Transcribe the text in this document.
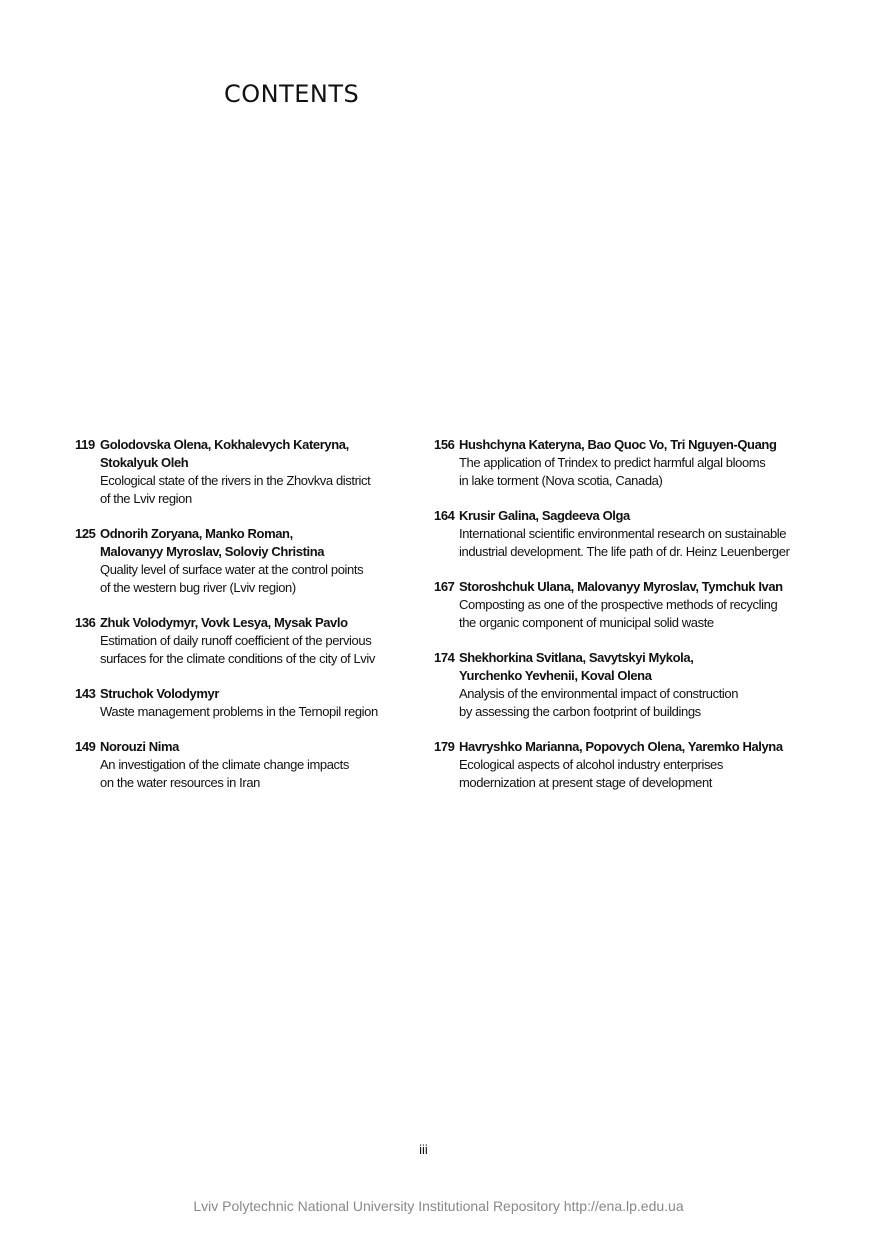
CONTENTS
119 Golodovska Olena, Kokhalevych Kateryna,
Stokalyuk Oleh
Ecological state of the rivers in the Zhovkva district
of the Lviv region
125 Odnorih Zoryana, Manko Roman,
Malovanyy Myroslav, Soloviy Christina
Quality level of surface water at the control points
of the western bug river (Lviv region)
136 Zhuk Volodymyr, Vovk Lesya, Mysak Pavlo
Estimation of daily runoff coefficient of the pervious
surfaces for the climate conditions of the city of Lviv
143 Struchok Volodymyr
Waste management problems in the Ternopil region
149 Norouzi Nima
An investigation of the climate change impacts
on the water resources in Iran
156 Hushchyna Kateryna, Bao Quoc Vo, Tri Nguyen-Quang
The application of Trindex to predict harmful algal blooms
in lake torment (Nova scotia, Canada)
164 Krusir Galina, Sagdeeva Olga
International scientific environmental research on sustainable
industrial development. The life path of dr. Heinz Leuenberger
167 Storoshchuk Ulana, Malovanyy Myroslav, Tymchuk Ivan
Composting as one of the prospective methods of recycling
the organic component of municipal solid waste
174 Shekhorkina Svitlana, Savytskyi Mykola,
Yurchenko Yevhenii, Koval Olena
Analysis of the environmental impact of construction
by assessing the carbon footprint of buildings
179 Havryshko Marianna, Popovych Olena, Yaremko Halyna
Ecological aspects of alcohol industry enterprises
modernization at present stage of development
iii
Lviv Polytechnic National University Institutional Repository http://ena.lp.edu.ua
